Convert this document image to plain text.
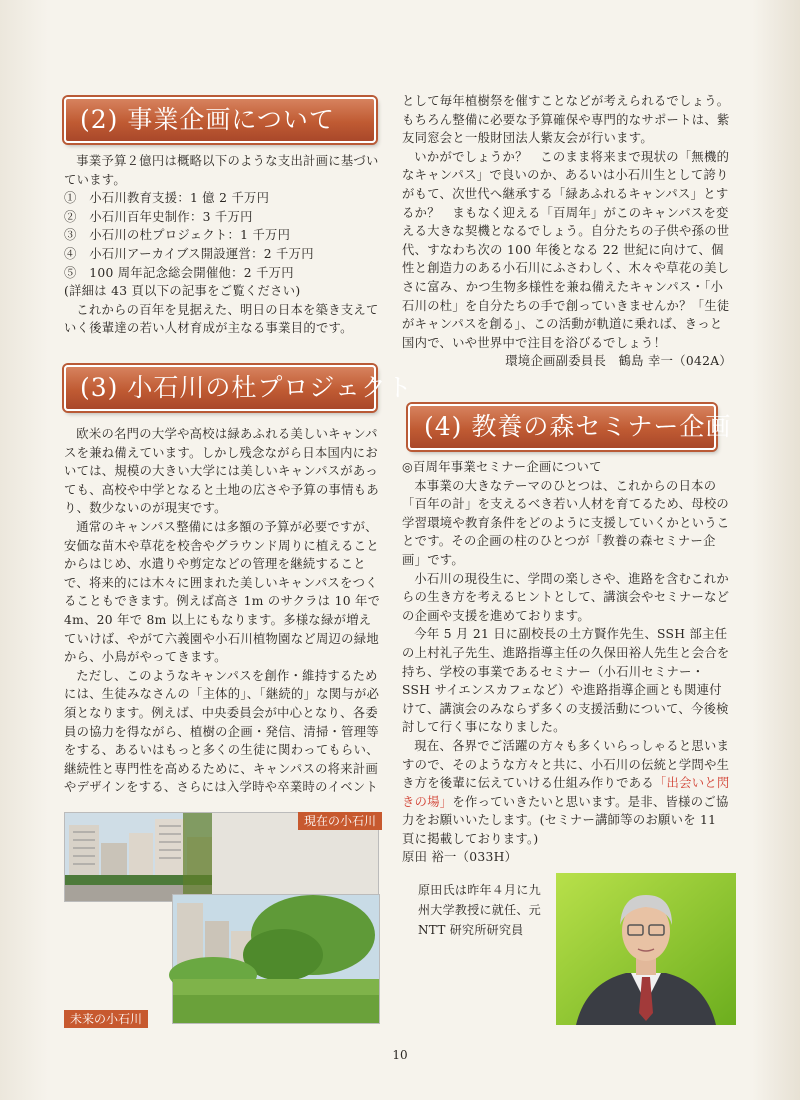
(2) 事業企画について

事業予算２億円は概略以下のような支出計画に基づいています。

①　小石川教育支援：1 億 2 千万円
②　小石川百年史制作：3 千万円
③　小石川の杜プロジェクト：1 千万円
④　小石川アーカイブス開設運営：2 千万円
⑤　100 周年記念総会開催他：2 千万円
(詳細は 43 頁以下の記事をご覧ください)

これからの百年を見据えた、明日の日本を築き支えていく後輩達の若い人材育成が主なる事業目的です。

(3) 小石川の杜プロジェクト

欧米の名門の大学や高校は緑あふれる美しいキャンパスを兼ね備えています。しかし残念ながら日本国内においては、規模の大きい大学には美しいキャンパスがあっても、高校や中学となると土地の広さや予算の事情もあり、数少ないのが現実です。

通常のキャンパス整備には多額の予算が必要ですが、安価な苗木や草花を校舎やグラウンド周りに植えることからはじめ、水遣りや剪定などの管理を継続することで、将来的には木々に囲まれた美しいキャンパスをつくることもできます。例えば高さ 1m のサクラは 10 年で 4m、20 年で 8m 以上にもなります。多様な緑が増えていけば、やがて六義園や小石川植物園など周辺の緑地から、小鳥がやってきます。

ただし、このようなキャンパスを創作・維持するためには、生徒みなさんの「主体的」、「継続的」な関与が必須となります。例えば、中央委員会が中心となり、各委員の協力を得ながら、植樹の企画・発信、清掃・管理等をする、あるいはもっと多くの生徒に関わってもらい、継続性と専門性を高めるために、キャンパスの将来計画やデザインをする、さらには入学時や卒業時のイベント

として毎年植樹祭を催すことなどが考えられるでしょう。もちろん整備に必要な予算確保や専門的なサポートは、紫友同窓会と一般財団法人紫友会が行います。

いかがでしょうか？　このまま将来まで現状の「無機的なキャンパス」で良いのか、あるいは小石川生として誇りがもて、次世代へ継承する「緑あふれるキャンパス」とするか？　まもなく迎える「百周年」がこのキャンパスを変える大きな契機となるでしょう。自分たちの子供や孫の世代、すなわち次の 100 年後となる 22 世紀に向けて、個性と創造力のある小石川にふさわしく、木々や草花の美しさに富み、かつ生物多様性を兼ね備えたキャンパス・「小石川の杜」を自分たちの手で創っていきませんか？「生徒がキャンパスを創る」、この活動が軌道に乗れば、きっと国内で、いや世界中で注目を浴びるでしょう！

環境企画副委員長　鶴島 幸一（042A）
(4) 教養の森セミナー企画

◎百周年事業セミナー企画について

本事業の大きなテーマのひとつは、これからの日本の「百年の計」を支えるべき若い人材を育てるため、母校の学習環境や教育条件をどのように支援していくかということです。その企画の柱のひとつが「教養の森セミナー企画」です。

小石川の現役生に、学問の楽しさや、進路を含むこれからの生き方を考えるヒントとして、講演会やセミナーなどの企画や支援を進めております。

今年 5 月 21 日に副校長の土方賢作先生、SSH 部主任の上村礼子先生、進路指導主任の久保田裕人先生と会合を持ち、学校の事業であるセミナー（小石川セミナー・SSH サイエンスカフェなど）や進路指導企画とも関連付けて、講演会のみならず多くの支援活動について、今後検討して行く事になりました。

現在、各界でご活躍の方々も多くいらっしゃると思いますので、そのような方々と共に、小石川の伝統と学問や生き方を後輩に伝えていける仕組み作りである「出会いと閃きの場」を作っていきたいと思います。是非、皆様のご協力をお願いいたします。(セミナー講師等のお願いを 11 頁に掲載しております。)

原田 裕一（033H）

原田氏は昨年４月に九州大学教授に就任、元 NTT 研究所研究員

現在の小石川
未来の小石川
10
